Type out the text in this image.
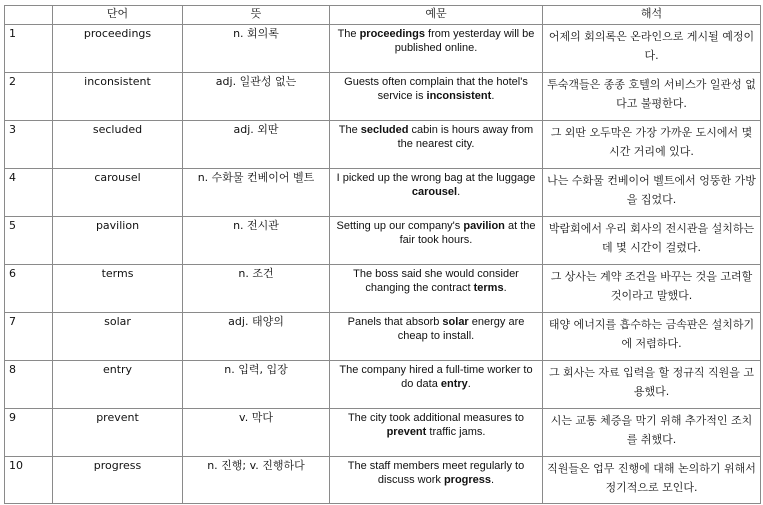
	단어	뜻	예문	해석
1	proceedings	n. 회의록	The proceedings from yesterday will be published online.	어제의 회의록은 온라인으로 게시될 예정이다.
2	inconsistent	adj. 일관성 없는	Guests often complain that the hotel's service is inconsistent.	투숙객들은 종종 호텔의 서비스가 일관성 없다고 불평한다.
3	secluded	adj. 외딴	The secluded cabin is hours away from the nearest city.	그 외딴 오두막은 가장 가까운 도시에서 몇 시간 거리에 있다.
4	carousel	n. 수화물 컨베이어 벨트	I picked up the wrong bag at the luggage carousel.	나는 수화물 컨베이어 벨트에서 엉뚱한 가방을 집었다.
5	pavilion	n. 전시관	Setting up our company's pavilion at the fair took hours.	박람회에서 우리 회사의 전시관을 설치하는 데 몇 시간이 걸렸다.
6	terms	n. 조건	The boss said she would consider changing the contract terms.	그 상사는 계약 조건을 바꾸는 것을 고려할 것이라고 말했다.
7	solar	adj. 태양의	Panels that absorb solar energy are cheap to install.	태양 에너지를 흡수하는 금속판은 설치하기에 저렴하다.
8	entry	n. 입력, 입장	The company hired a full-time worker to do data entry.	그 회사는 자료 입력을 할 정규직 직원을 고용했다.
9	prevent	v. 막다	The city took additional measures to prevent traffic jams.	시는 교통 체증을 막기 위해 추가적인 조치를 취했다.
10	progress	n. 진행; v. 진행하다	The staff members meet regularly to discuss work progress.	직원들은 업무 진행에 대해 논의하기 위해서 정기적으로 모인다.
